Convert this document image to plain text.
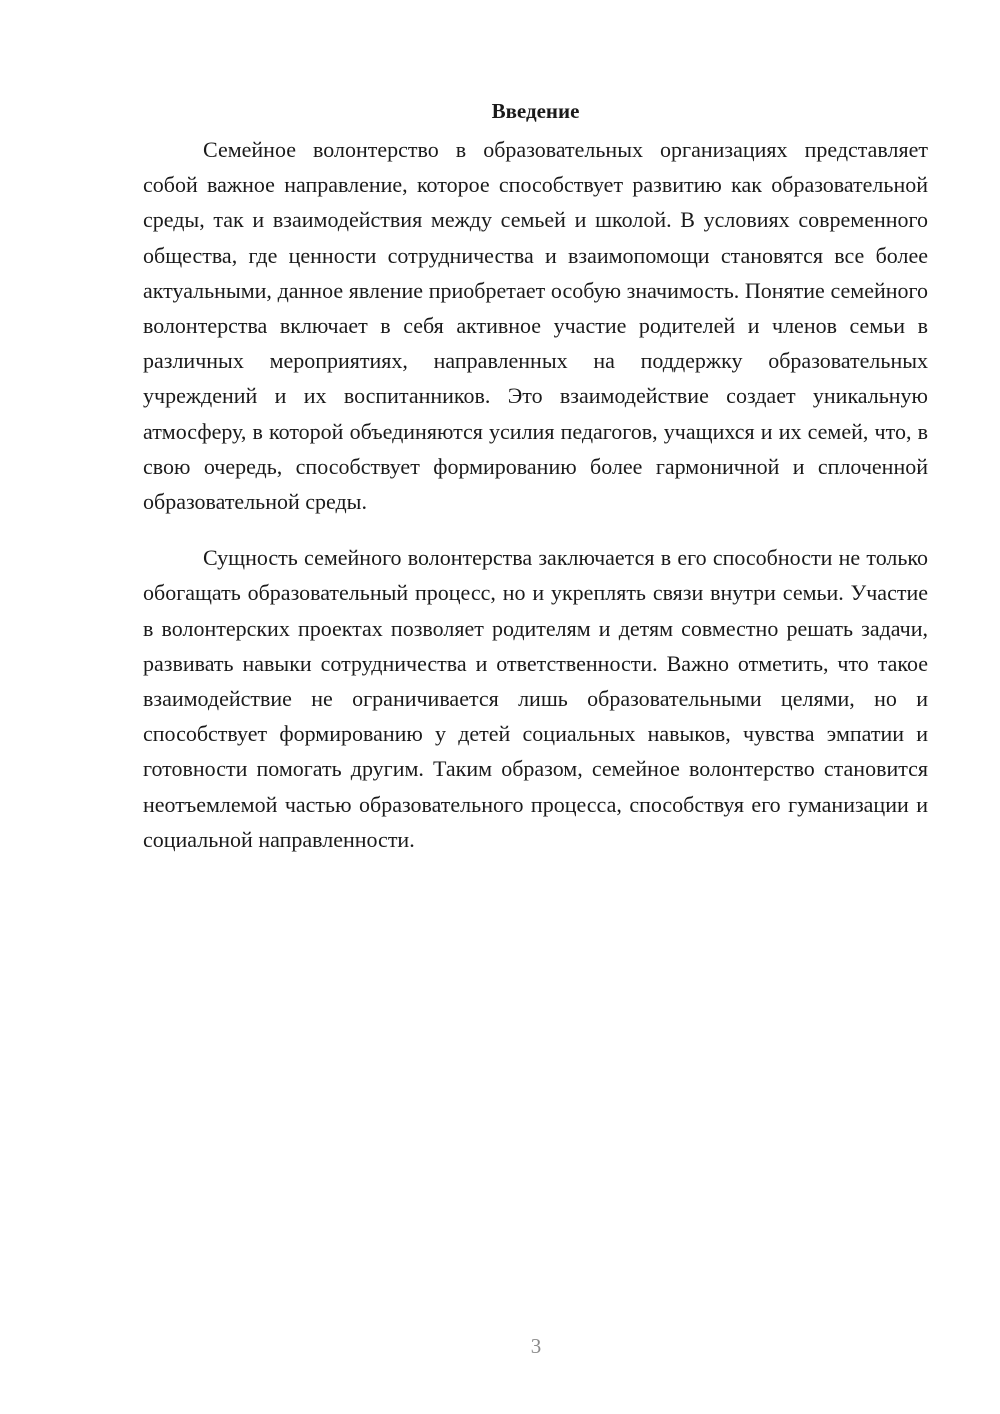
Введение

Семейное волонтерство в образовательных организациях представляет собой важное направление, которое способствует развитию как образовательной среды, так и взаимодействия между семьей и школой. В условиях современного общества, где ценности сотрудничества и взаимопомощи становятся все более актуальными, данное явление приобретает особую значимость. Понятие семейного волонтерства включает в себя активное участие родителей и членов семьи в различных мероприятиях, направленных на поддержку образовательных учреждений и их воспитанников. Это взаимодействие создает уникальную атмосферу, в которой объединяются усилия педагогов, учащихся и их семей, что, в свою очередь, способствует формированию более гармоничной и сплоченной образовательной среды.

Сущность семейного волонтерства заключается в его способности не только обогащать образовательный процесс, но и укреплять связи внутри семьи. Участие в волонтерских проектах позволяет родителям и детям совместно решать задачи, развивать навыки сотрудничества и ответственности. Важно отметить, что такое взаимодействие не ограничивается лишь образовательными целями, но и способствует формированию у детей социальных навыков, чувства эмпатии и готовности помогать другим. Таким образом, семейное волонтерство становится неотъемлемой частью образовательного процесса, способствуя его гуманизации и социальной направленности.

3
